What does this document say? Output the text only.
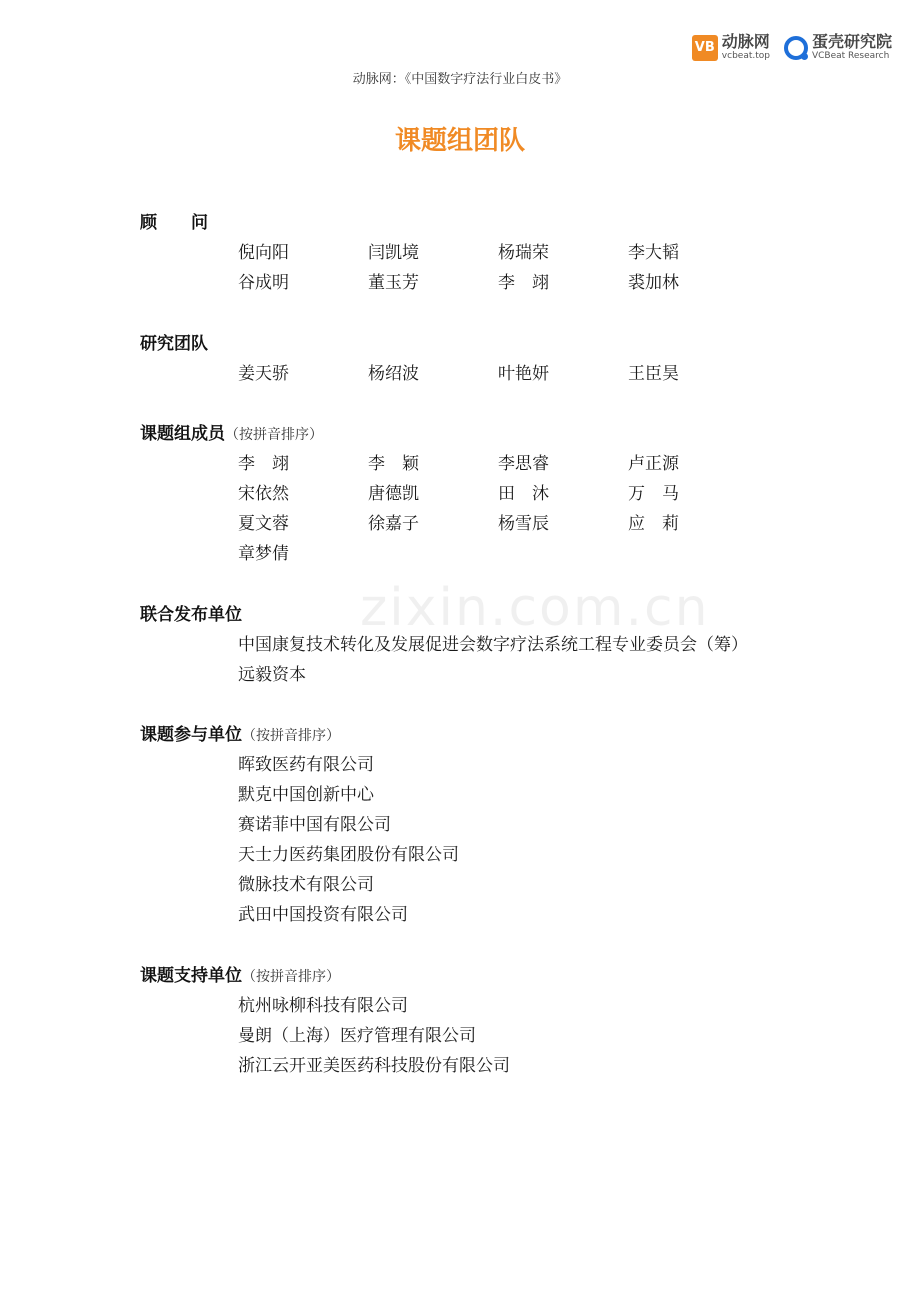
VB 动脉网
vcbeat.top
蛋壳研究院
VCBeat Research
动脉网：《中国数字疗法行业白皮书》
课题组团队
zixin.com.cn
顾　　问
倪向阳	闫凯境	杨瑞荣	李大韬
谷成明	董玉芳	李　翊	裘加林
研究团队
姜天骄	杨绍波	叶艳妍	王臣昊
课题组成员（按拼音排序）
李　翊	李　颖	李思睿	卢正源
宋依然	唐德凯	田　沐	万　马
夏文蓉	徐嘉子	杨雪辰	应　莉
章梦倩
联合发布单位
中国康复技术转化及发展促进会数字疗法系统工程专业委员会（筹）
远毅资本
课题参与单位（按拼音排序）
晖致医药有限公司
默克中国创新中心
赛诺菲中国有限公司
天士力医药集团股份有限公司
微脉技术有限公司
武田中国投资有限公司
课题支持单位（按拼音排序）
杭州咏柳科技有限公司
曼朗（上海）医疗管理有限公司
浙江云开亚美医药科技股份有限公司
